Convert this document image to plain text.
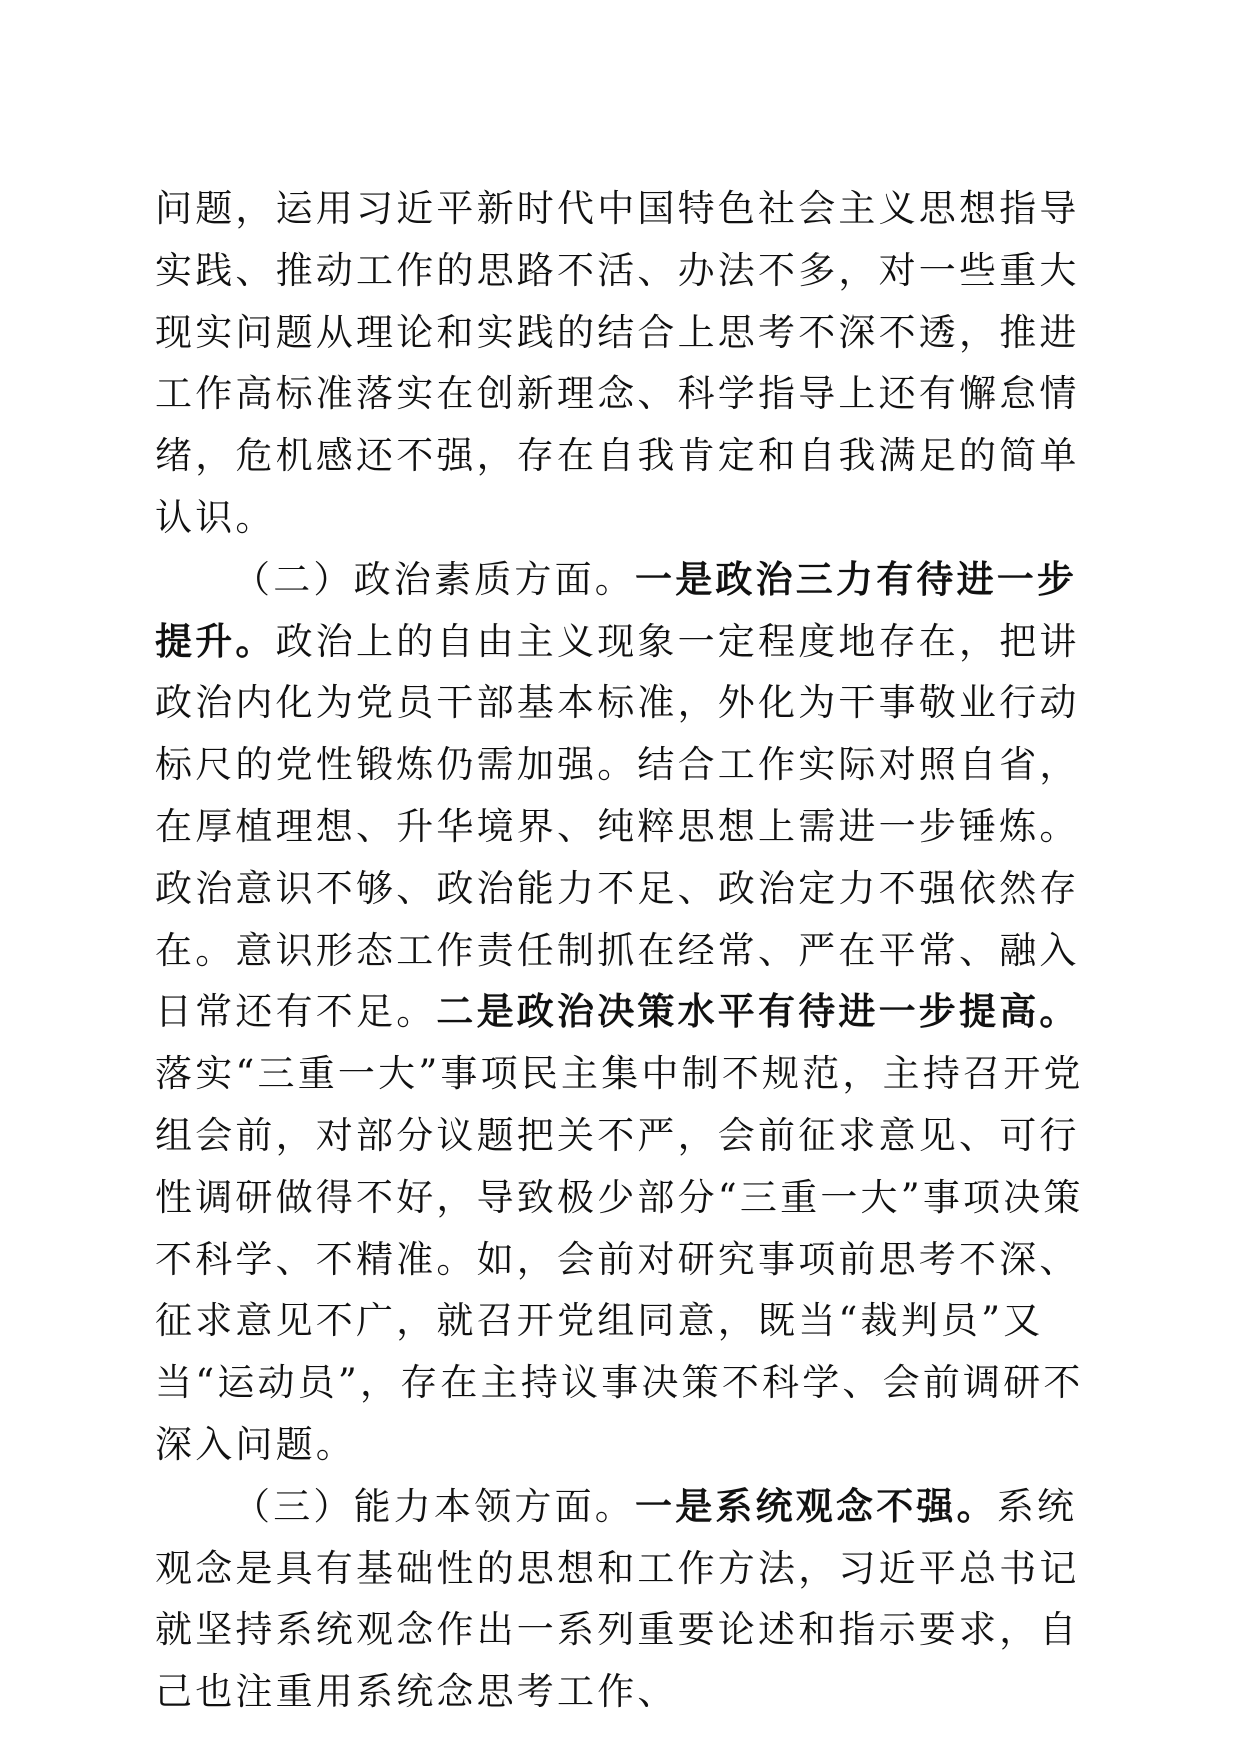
问题，运用习近平新时代中国特色社会主义思想指导实践、推动工作的思路不活、办法不多，对一些重大现实问题从理论和实践的结合上思考不深不透，推进工作高标准落实在创新理念、科学指导上还有懈怠情绪，危机感还不强，存在自我肯定和自我满足的简单认识。

（二）政治素质方面。一是政治三力有待进一步提升。政治上的自由主义现象一定程度地存在，把讲政治内化为党员干部基本标准，外化为干事敬业行动标尺的党性锻炼仍需加强。结合工作实际对照自省，在厚植理想、升华境界、纯粹思想上需进一步锤炼。政治意识不够、政治能力不足、政治定力不强依然存在。意识形态工作责任制抓在经常、严在平常、融入日常还有不足。二是政治决策水平有待进一步提高。落实“三重一大”事项民主集中制不规范，主持召开党组会前，对部分议题把关不严，会前征求意见、可行性调研做得不好，导致极少部分“三重一大”事项决策不科学、不精准。如，会前对研究事项前思考不深、征求意见不广，就召开党组同意，既当“裁判员”又当“运动员”，存在主持议事决策不科学、会前调研不深入问题。

（三）能力本领方面。一是系统观念不强。系统观念是具有基础性的思想和工作方法，习近平总书记就坚持系统观念作出一系列重要论述和指示要求，自己也注重用系统念思考工作、
